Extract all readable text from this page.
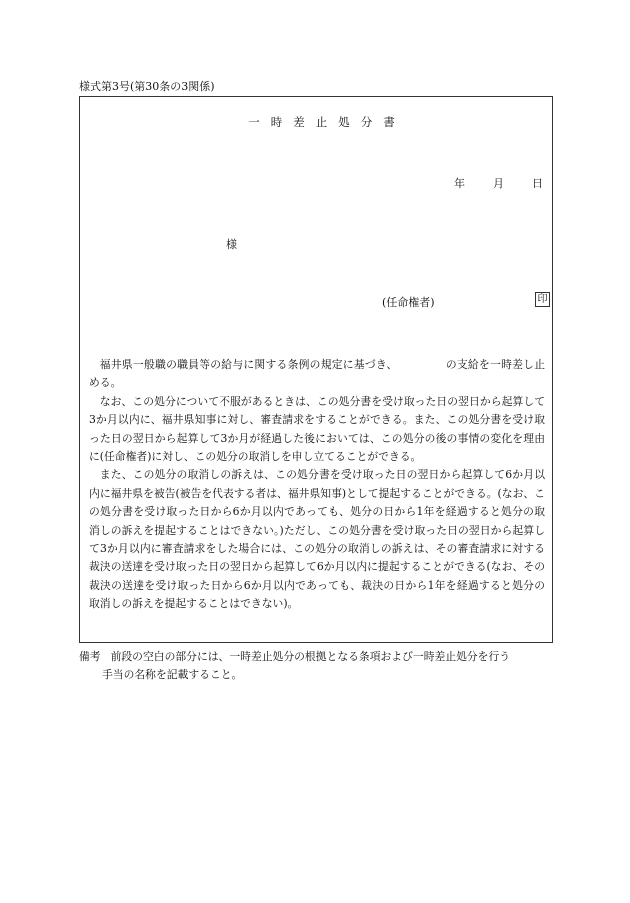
様式第3号(第30条の3関係)
一時差止処分書
年	月	日
様
(任命権者)	印

福井県一般職の職員等の給与に関する条例の規定に基づき、	の支給を一時差し止める。

なお、この処分について不服があるときは、この処分書を受け取った日の翌日から起算して3か月以内に、福井県知事に対し、審査請求をすることができる。また、この処分書を受け取った日の翌日から起算して3か月が経過した後においては、この処分の後の事情の変化を理由に(任命権者)に対し、この処分の取消しを申し立てることができる。

また、この処分の取消しの訴えは、この処分書を受け取った日の翌日から起算して6か月以内に福井県を被告(被告を代表する者は、福井県知事)として提起することができる。(なお、この処分書を受け取った日から6か月以内であっても、処分の日から1年を経過すると処分の取消しの訴えを提起することはできない。)ただし、この処分書を受け取った日の翌日から起算して3か月以内に審査請求をした場合には、この処分の取消しの訴えは、その審査請求に対する裁決の送達を受け取った日の翌日から起算して6か月以内に提起することができる(なお、その裁決の送達を受け取った日から6か月以内であっても、裁決の日から1年を経過すると処分の取消しの訴えを提起することはできない)。

備考 前段の空白の部分には、一時差止処分の根拠となる条項および一時差止処分を行う
手当の名称を記載すること。
